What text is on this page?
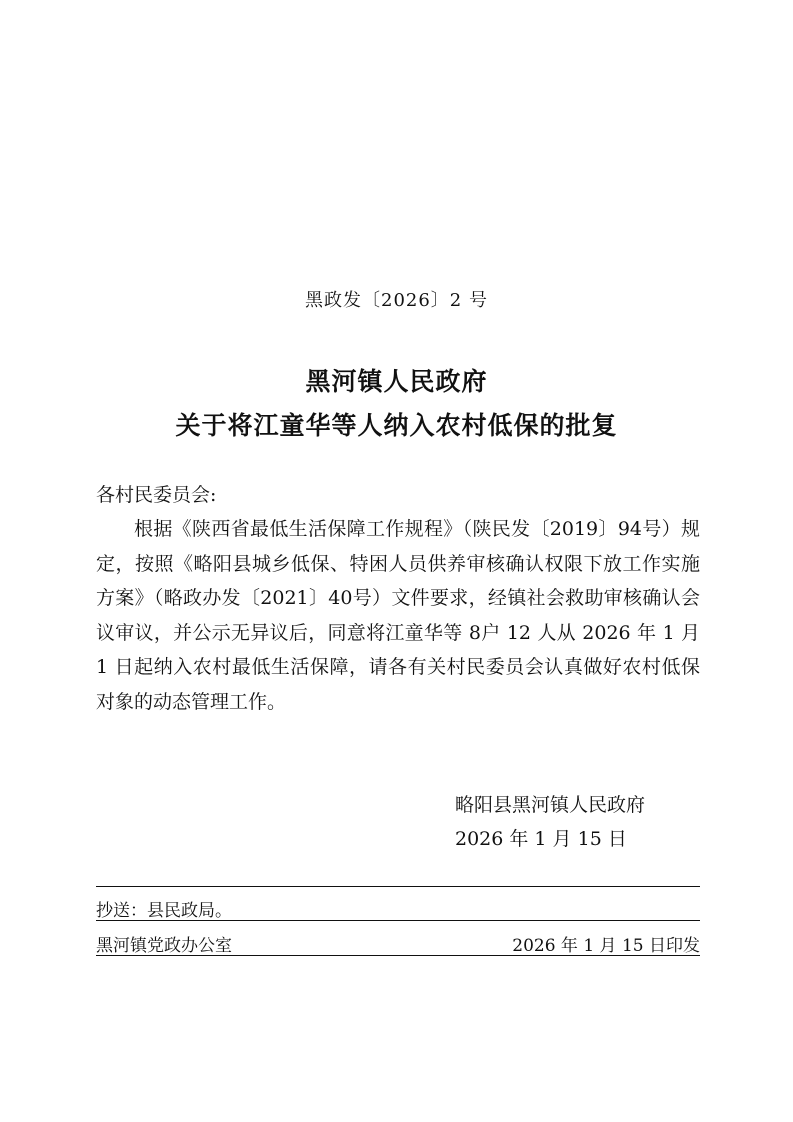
黑政发〔2026〕2 号
黑河镇人民政府
关于将江童华等人纳入农村低保的批复
各村民委员会:

根据《陕西省最低生活保障工作规程》（陕民发〔2019〕94号）规定，按照《略阳县城乡低保、特困人员供养审核确认权限下放工作实施方案》（略政办发〔2021〕40号）文件要求，经镇社会救助审核确认会议审议，并公示无异议后，同意将江童华等 8户 12 人从 2026 年 1 月 1 日起纳入农村最低生活保障，请各有关村民委员会认真做好农村低保对象的动态管理工作。

略阳县黑河镇人民政府
2026 年 1 月 15 日
抄送：县民政局。
黑河镇党政办公室	2026 年 1 月 15 日印发
